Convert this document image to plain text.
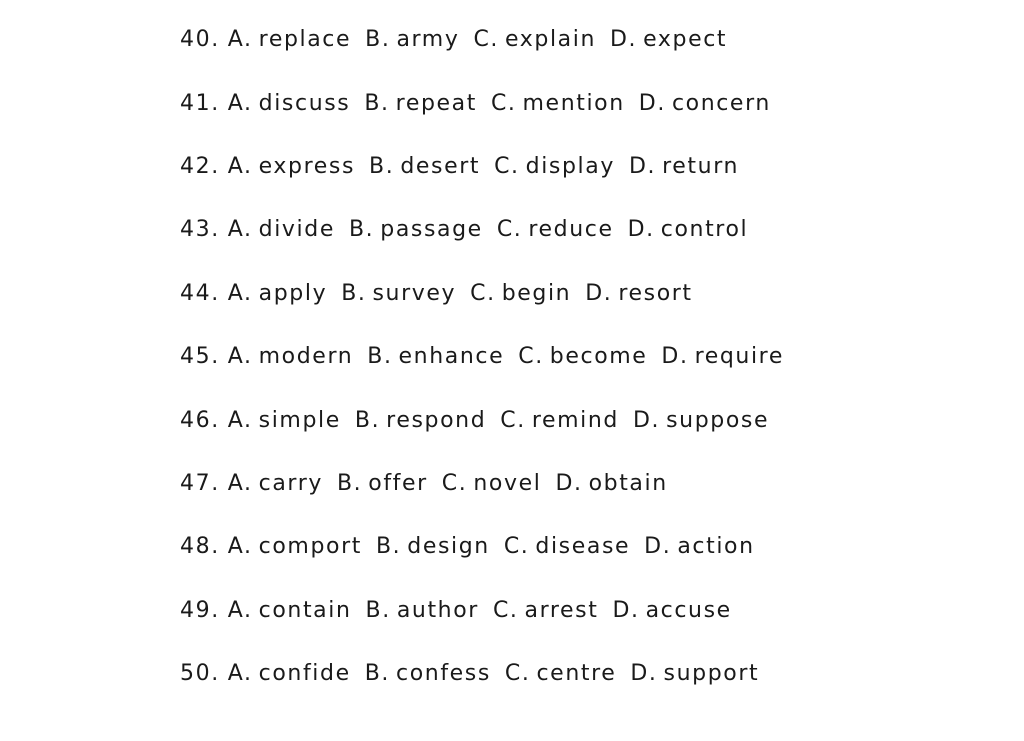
40. A. replace B. army C. explain D. expect
41. A. discuss B. repeat C. mention D. concern
42. A. express B. desert C. display D. return
43. A. divide B. passage C. reduce D. control
44. A. apply B. survey C. begin D. resort
45. A. modern B. enhance C. become D. require
46. A. simple B. respond C. remind D. suppose
47. A. carry B. offer C. novel D. obtain
48. A. comport B. design C. disease D. action
49. A. contain B. author C. arrest D. accuse
50. A. confide B. confess C. centre D. support
